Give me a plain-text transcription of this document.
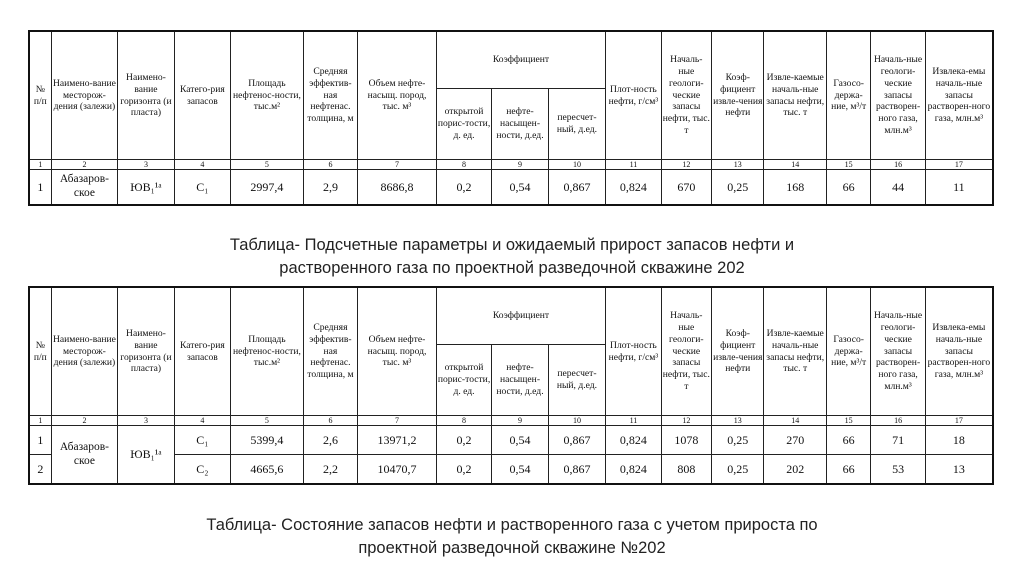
№ п/п	Наимено-вание месторож-дения (залежи)	Наимено-вание горизонта (и пласта)	Катего-рия запасов	Площадь нефтенос-ности, тыс.м²	Средняя эффектив-ная нефтенас. толщина, м	Объем нефте-насыщ. пород, тыс. м³	Коэффициент			Плот-ность нефти, г/см³	Началь-ные геологи-ческие запасы нефти, тыс. т	Коэф-фициент извле-чения нефти	Извле-каемые началь-ные запасы нефти, тыс. т	Газосо-держа-ние, м³/т	Началь-ные геологи-ческие запасы растворен-ного газа, млн.м³	Извлека-емы началь-ные запасы растворен-ного газа, млн.м³
							открытой порис-тости, д. ед.	нефте-насыщен-ности, д.ед.	пересчет-ный, д.ед.							
1	2	3	4	5	6	7	8	9	10	11	12	13	14	15	16	17
1	Абазаров-ское	ЮВ₁¹ᵃ	С₁	2997,4	2,9	8686,8	0,2	0,54	0,867	0,824	670	0,25	168	66	44	11
Таблица- Подсчетные параметры и ожидаемый прирост запасов нефти и
растворенного газа по проектной разведочной скважине 202
№ п/п	Наимено-вание месторож-дения (залежи)	Наимено-вание горизонта (и пласта)	Катего-рия запасов	Площадь нефтенос-ности, тыс.м²	Средняя эффектив-ная нефтенас. толщина, м	Объем нефте-насыщ. пород, тыс. м³	Коэффициент			Плот-ность нефти, г/см³	Началь-ные геологи-ческие запасы нефти, тыс. т	Коэф-фициент извле-чения нефти	Извле-каемые началь-ные запасы нефти, тыс. т	Газосо-держа-ние, м³/т	Началь-ные геологи-ческие запасы растворен-ного газа, млн.м³	Извлека-емы началь-ные запасы растворен-ного газа, млн.м³
							открытой порис-тости, д. ед.	нефте-насыщен-ности, д.ед.	пересчет-ный, д.ед.							
1	2	3	4	5	6	7	8	9	10	11	12	13	14	15	16	17
1	Абазаров-ское	ЮВ₁¹ᵃ	С₁	5399,4	2,6	13971,2	0,2	0,54	0,867	0,824	1078	0,25	270	66	71	18
2			С₂	4665,6	2,2	10470,7	0,2	0,54	0,867	0,824	808	0,25	202	66	53	13
Таблица- Состояние запасов нефти и растворенного газа с учетом прироста по
проектной разведочной скважине №202
